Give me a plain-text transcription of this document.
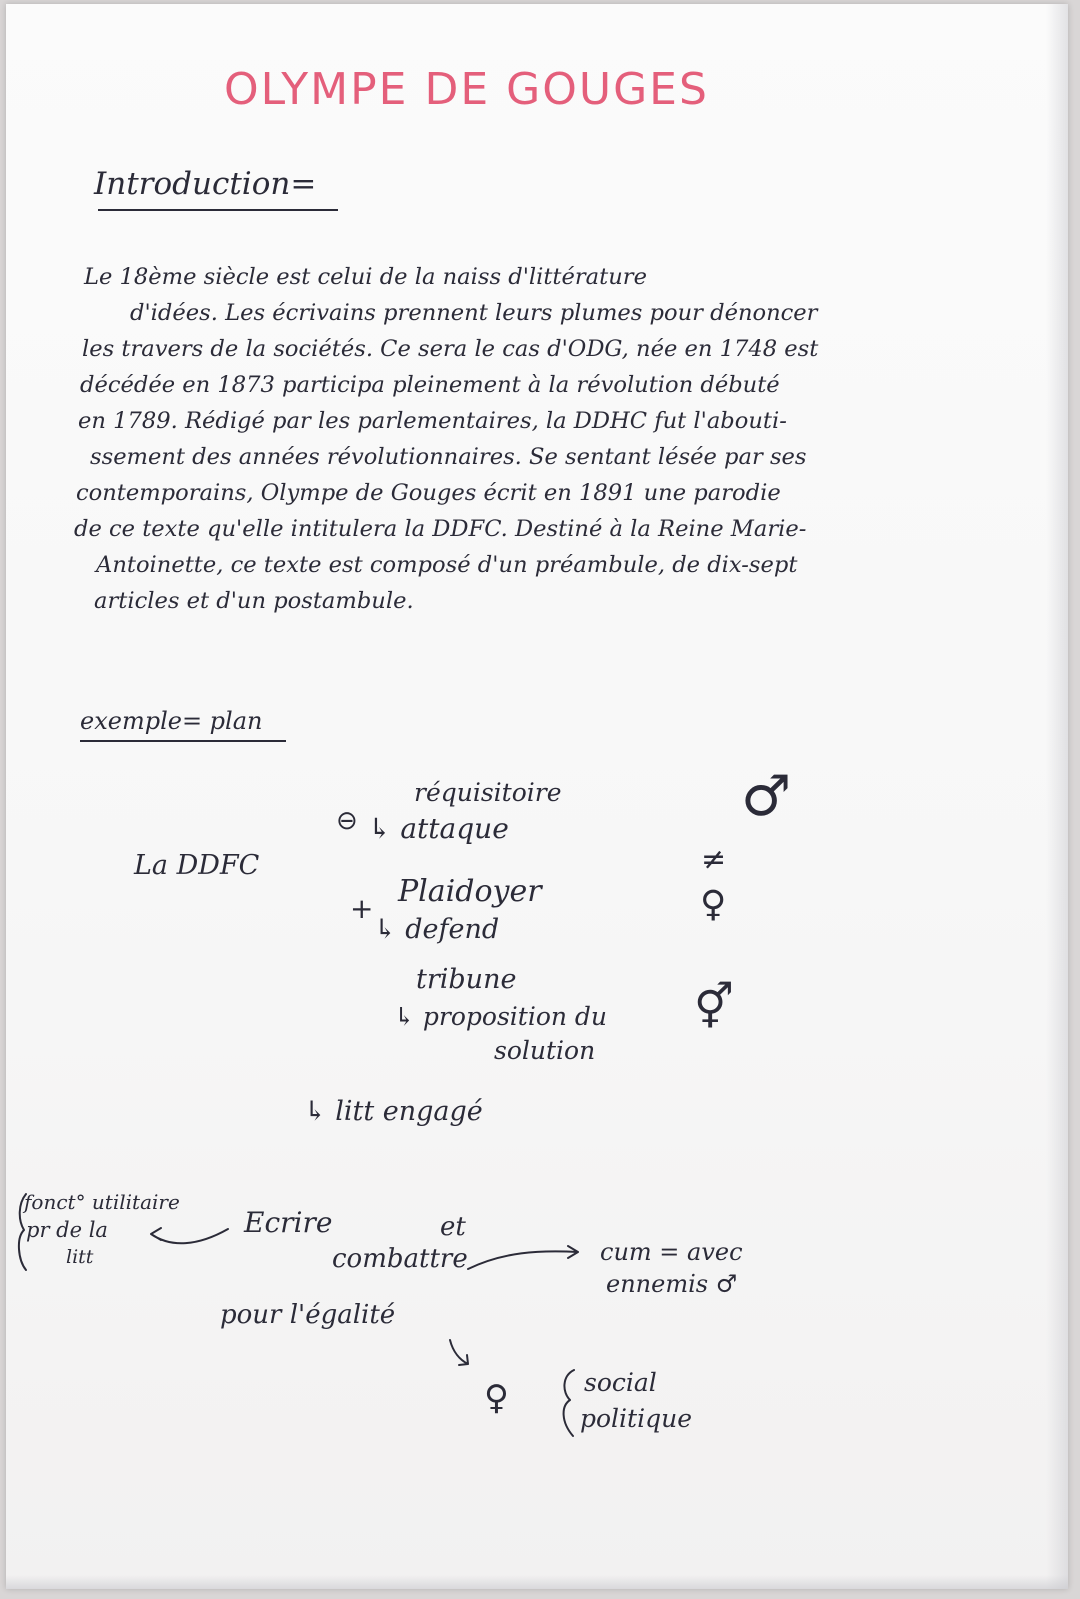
OLYMPE DE GOUGES
Introduction=
Le 18ème siècle est celui de la naiss d'littérature
d'idées. Les écrivains prennent leurs plumes pour dénoncer
les travers de la sociétés. Ce sera le cas d'ODG, née en 1748 est
décédée en 1873 participa pleinement à la révolution débuté
en 1789. Rédigé par les parlementaires, la DDHC fut l'abouti-
ssement des années révolutionnaires. Se sentant lésée par ses
contemporains, Olympe de Gouges écrit en 1891 une parodie
de ce texte qu'elle intitulera la DDFC. Destiné à la Reine Marie-
Antoinette, ce texte est composé d'un préambule, de dix-sept
articles et d'un postambule.
exemple= plan
La DDFC
⊖
réquisitoire
↳ attaque
+ Plaidoyer
↳ defend
tribune
↳ proposition du
solution
↳ litt engagé
♂
≠
♀
⚥
fonct° utilitaire
pr de la
litt
Ecrire	et
combattre
pour l'égalité
cum = avec
ennemis ♂
♀	social
politique
